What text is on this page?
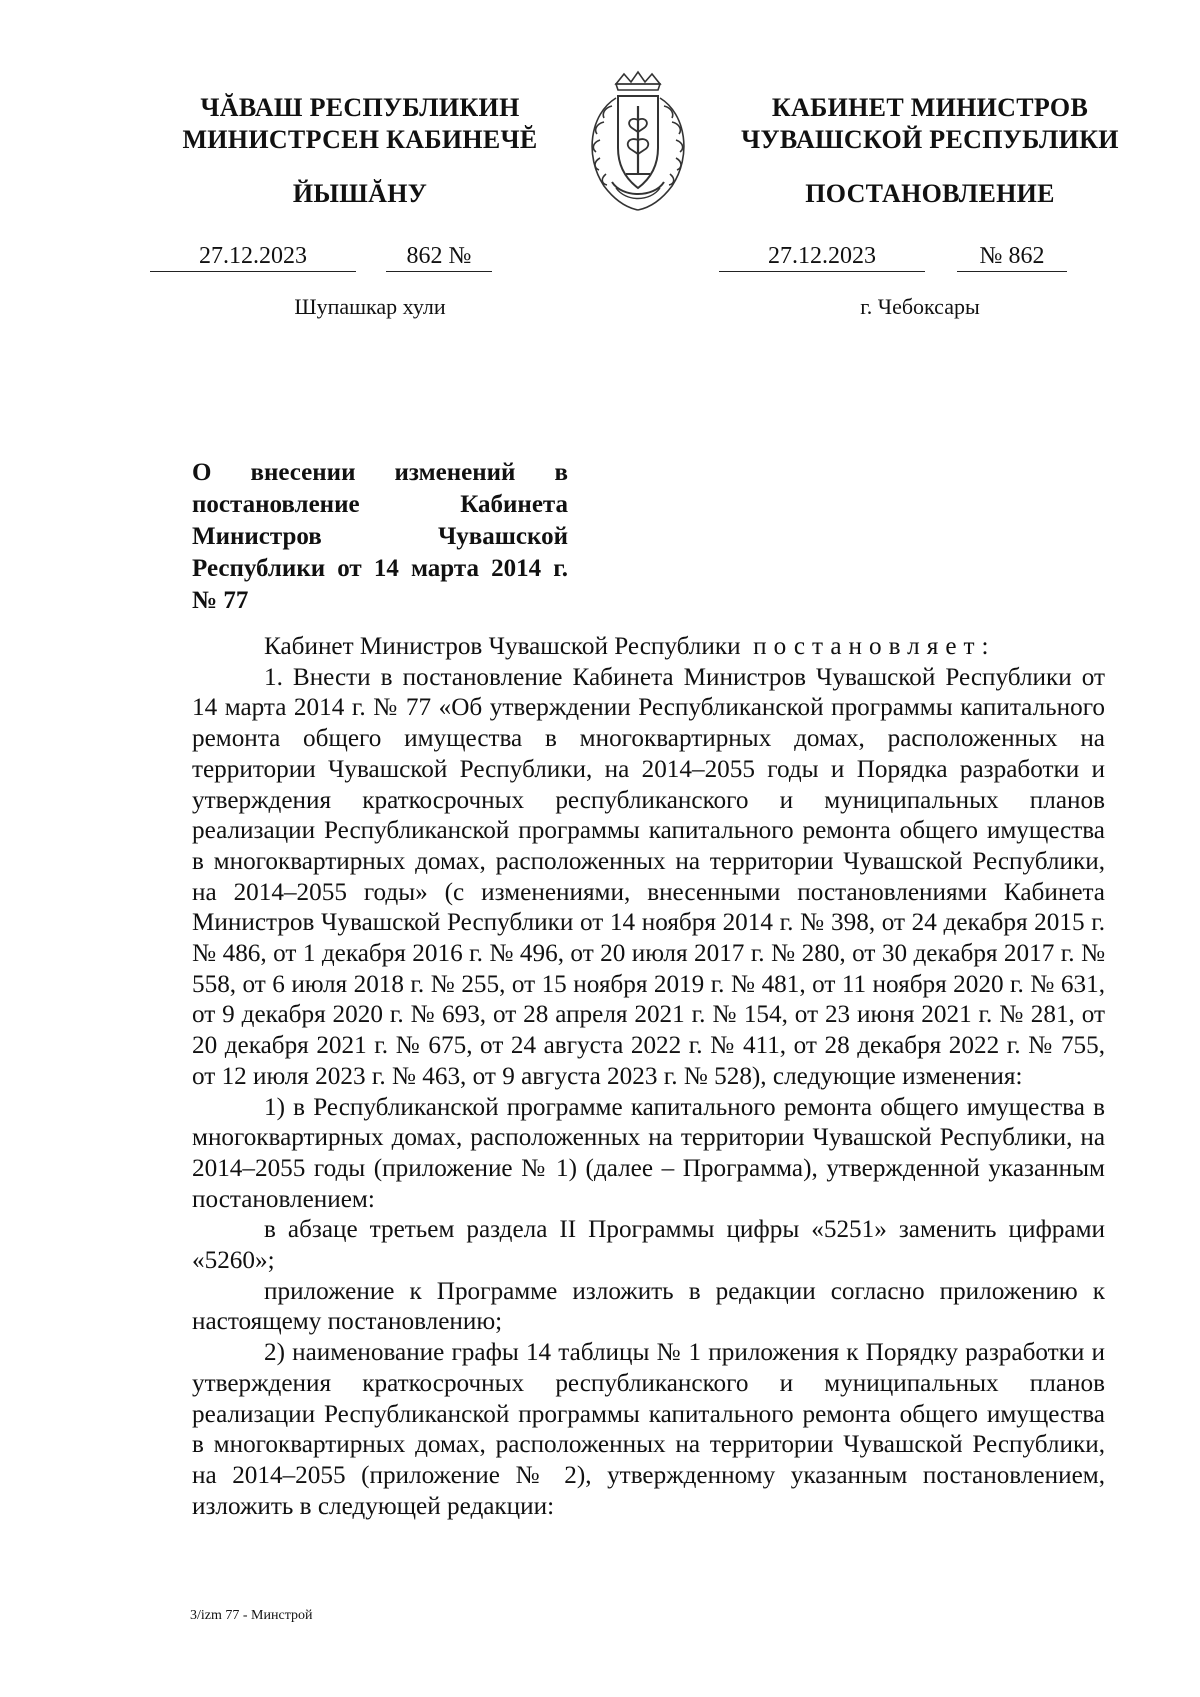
ЧĂВАШ РЕСПУБЛИКИН
МИНИСТРСЕН КАБИНЕЧĔ
ЙЫШĂНУ
КАБИНЕТ МИНИСТРОВ
ЧУВАШСКОЙ РЕСПУБЛИКИ
ПОСТАНОВЛЕНИЕ
27.12.2023	862 №	27.12.2023	№ 862
Шупашкар хули	г. Чебоксары
О внесении изменений в постановление Кабинета Министров Чувашской Республики от 14 марта 2014 г. № 77

Кабинет Министров Чувашской Республики постановляет:

1. Внести в постановление Кабинета Министров Чувашской Республики от 14 марта 2014 г. № 77 «Об утверждении Республиканской программы капитального ремонта общего имущества в многоквартирных домах, расположенных на территории Чувашской Республики, на 2014–2055 годы и Порядка разработки и утверждения краткосрочных республиканского и муниципальных планов реализации Республиканской программы капитального ремонта общего имущества в многоквартирных домах, расположенных на территории Чувашской Республики, на 2014–2055 годы» (с изменениями, внесенными постановлениями Кабинета Министров Чувашской Республики от 14 ноября 2014 г. № 398, от 24 декабря 2015 г. № 486, от 1 декабря 2016 г. № 496, от 20 июля 2017 г. № 280, от 30 декабря 2017 г. № 558, от 6 июля 2018 г. № 255, от 15 ноября 2019 г. № 481, от 11 ноября 2020 г. № 631, от 9 декабря 2020 г. № 693, от 28 апреля 2021 г. № 154, от 23 июня 2021 г. № 281, от 20 декабря 2021 г. № 675, от 24 августа 2022 г. № 411, от 28 декабря 2022 г. № 755, от 12 июля 2023 г. № 463, от 9 августа 2023 г. № 528), следующие изменения:

1) в Республиканской программе капитального ремонта общего имущества в многоквартирных домах, расположенных на территории Чувашской Республики, на 2014–2055 годы (приложение № 1) (далее – Программа), утвержденной указанным постановлением:

в абзаце третьем раздела II Программы цифры «5251» заменить цифрами «5260»;

приложение к Программе изложить в редакции согласно приложению к настоящему постановлению;

2) наименование графы 14 таблицы № 1 приложения к Порядку разработки и утверждения краткосрочных республиканского и муниципальных планов реализации Республиканской программы капитального ремонта общего имущества в многоквартирных домах, расположенных на территории Чувашской Республики, на 2014–2055 (приложение № 2), утвержденному указанным постановлением, изложить в следующей редакции:

3/izm 77 - Минстрой
